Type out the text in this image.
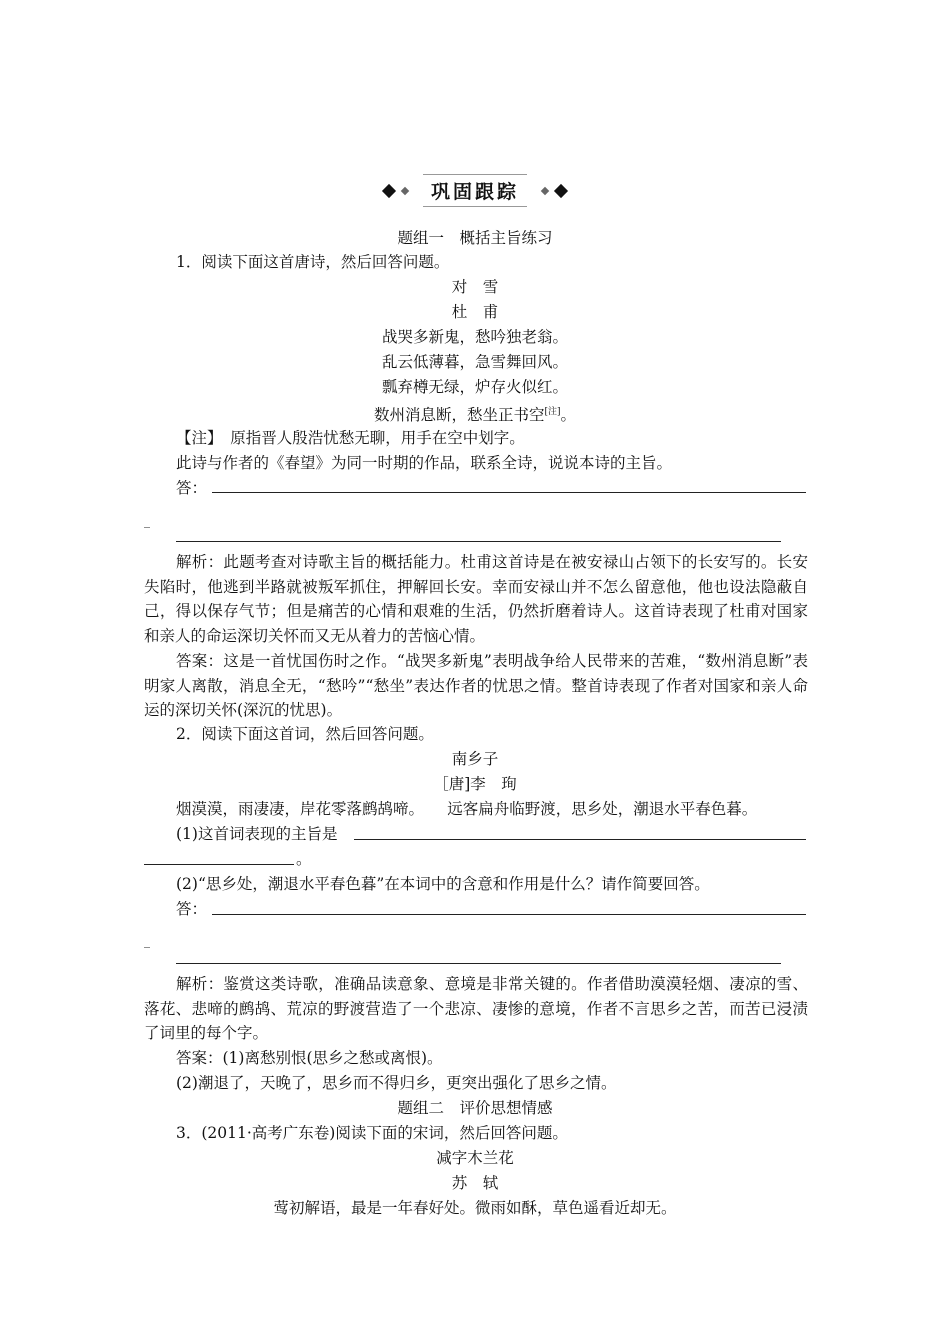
巩固跟踪
题组一　概括主旨练习
1．阅读下面这首唐诗，然后回答问题。
对　雪
杜　甫
战哭多新鬼，愁吟独老翁。
乱云低薄暮，急雪舞回风。
瓢弃樽无绿，炉存火似红。
数州消息断，愁坐正书空[注]。
【注】　原指晋人殷浩忧愁无聊，用手在空中划字。
此诗与作者的《春望》为同一时期的作品，联系全诗，说说本诗的主旨。
答：
_
解析：此题考查对诗歌主旨的概括能力。杜甫这首诗是在被安禄山占领下的长安写的。长安失陷时，他逃到半路就被叛军抓住，押解回长安。幸而安禄山并不怎么留意他，他也设法隐蔽自己，得以保存气节；但是痛苦的心情和艰难的生活，仍然折磨着诗人。这首诗表现了杜甫对国家和亲人的命运深切关怀而又无从着力的苦恼心情。
答案：这是一首忧国伤时之作。“战哭多新鬼”表明战争给人民带来的苦难，“数州消息断”表明家人离散，消息全无，“愁吟”“愁坐”表达作者的忧思之情。整首诗表现了作者对国家和亲人命运的深切关怀(深沉的忧思)。
2．阅读下面这首词，然后回答问题。
南乡子
［唐]李　珣
烟漠漠，雨凄凄，岸花零落鹧鸪啼。　　远客扁舟临野渡，思乡处，潮退水平春色暮。
(1)这首词表现的主旨是
。
(2)“思乡处，潮退水平春色暮”在本词中的含意和作用是什么？请作简要回答。
答：
_
解析：鉴赏这类诗歌，准确品读意象、意境是非常关键的。作者借助漠漠轻烟、凄凉的雪、落花、悲啼的鹧鸪、荒凉的野渡营造了一个悲凉、凄惨的意境，作者不言思乡之苦，而苦已浸渍了词里的每个字。
答案：(1)离愁别恨(思乡之愁或离恨)。
(2)潮退了，天晚了，思乡而不得归乡，更突出强化了思乡之情。
题组二　评价思想情感
3．(2011·高考广东卷)阅读下面的宋词，然后回答问题。
减字木兰花
苏　轼
莺初解语，最是一年春好处。微雨如酥，草色遥看近却无。
